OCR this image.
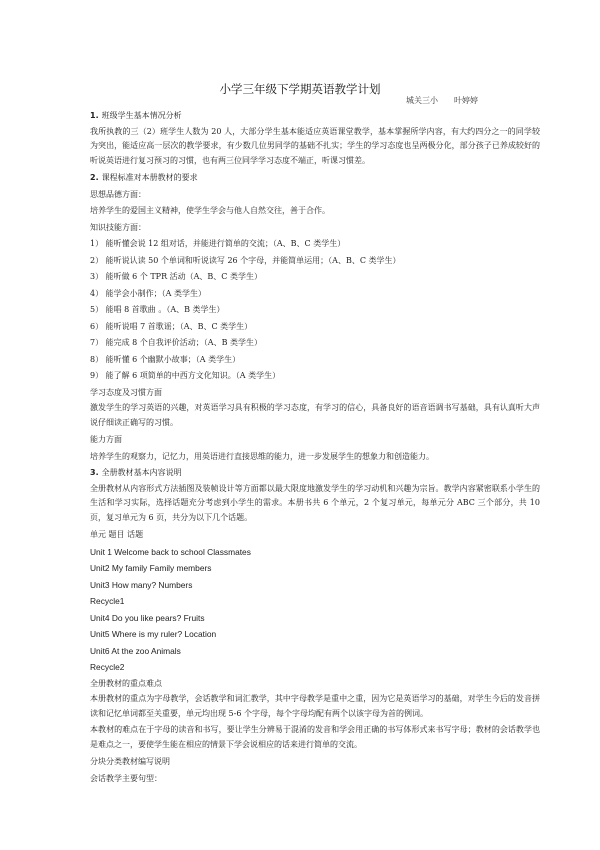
小学三年级下学期英语教学计划
城关三小 叶婷婷
1. 班级学生基本情况分析
我所执教的三（2）班学生人数为 20 人，大部分学生基本能适应英语课堂教学，基本掌握所学内容，有大约四分之一的同学较为突出，能适应高一层次的教学要求，有少数几位男同学的基础不扎实；学生的学习态度也呈两极分化，部分孩子已养成较好的听说英语进行复习预习的习惯，也有两三位同学学习态度不端正，听课习惯差。
2. 课程标准对本册教材的要求
思想品德方面：
培养学生的爱国主义精神，使学生学会与他人自然交往，善于合作。
知识技能方面：
1） 能听懂会说 12 组对话，并能进行简单的交流；（A、B、C 类学生）
2） 能听说认读 50 个单词和听说读写 26 个字母，并能简单运用；（A、B、C 类学生）
3） 能听做 6 个 TPR 活动（A、B、C 类学生）
4） 能学会小制作；（A 类学生）
5） 能唱 8 首歌曲 。（A、B 类学生）
6） 能听说唱 7 首歌谣；（A、B、C 类学生）
7） 能完成 8 个自我评价活动；（A、B 类学生）
8） 能听懂 6 个幽默小故事；（A 类学生）
9） 能了解 6 项简单的中西方文化知识。（A 类学生）
学习态度及习惯方面
激发学生的学习英语的兴趣，对英语学习具有积极的学习态度，有学习的信心，具备良好的语音语调书写基础，具有认真听大声说仔细读正确写的习惯。
能力方面
培养学生的观察力，记忆力，用英语进行直接思维的能力，进一步发展学生的想象力和创造能力。
3. 全册教材基本内容说明
全册教材从内容形式方法插图及装帧设计等方面都以最大限度地激发学生的学习动机和兴趣为宗旨。教学内容紧密联系小学生的生活和学习实际，选择话题充分考虑到小学生的需求。本册书共 6 个单元，2 个复习单元，每单元分 ABC 三个部分，共 10 页，复习单元为 6 页，共分为以下几个话题。
单元 题目 话题
Unit 1 Welcome back to school Classmates
Unit2 My family Family members
Unit3 How many? Numbers
Recycle1
Unit4 Do you like pears? Fruits
Unit5 Where is my ruler? Location
Unit6 At the zoo Animals
Recycle2
全册教材的重点难点
本册教材的重点为字母教学，会话教学和词汇教学，其中字母教学是重中之重，因为它是英语学习的基础，对学生今后的发音拼读和记忆单词都至关重要，单元均出现 5-6 个字母，每个字母均配有两个以该字母为首的例词。
本教材的难点在于字母的读音和书写，要让学生分辨易于混淆的发音和学会用正确的书写体形式来书写字母；教材的会话教学也是难点之一，要使学生能在相应的情景下学会说相应的话来进行简单的交流。
分块分类教材编写说明
会话教学主要句型：
